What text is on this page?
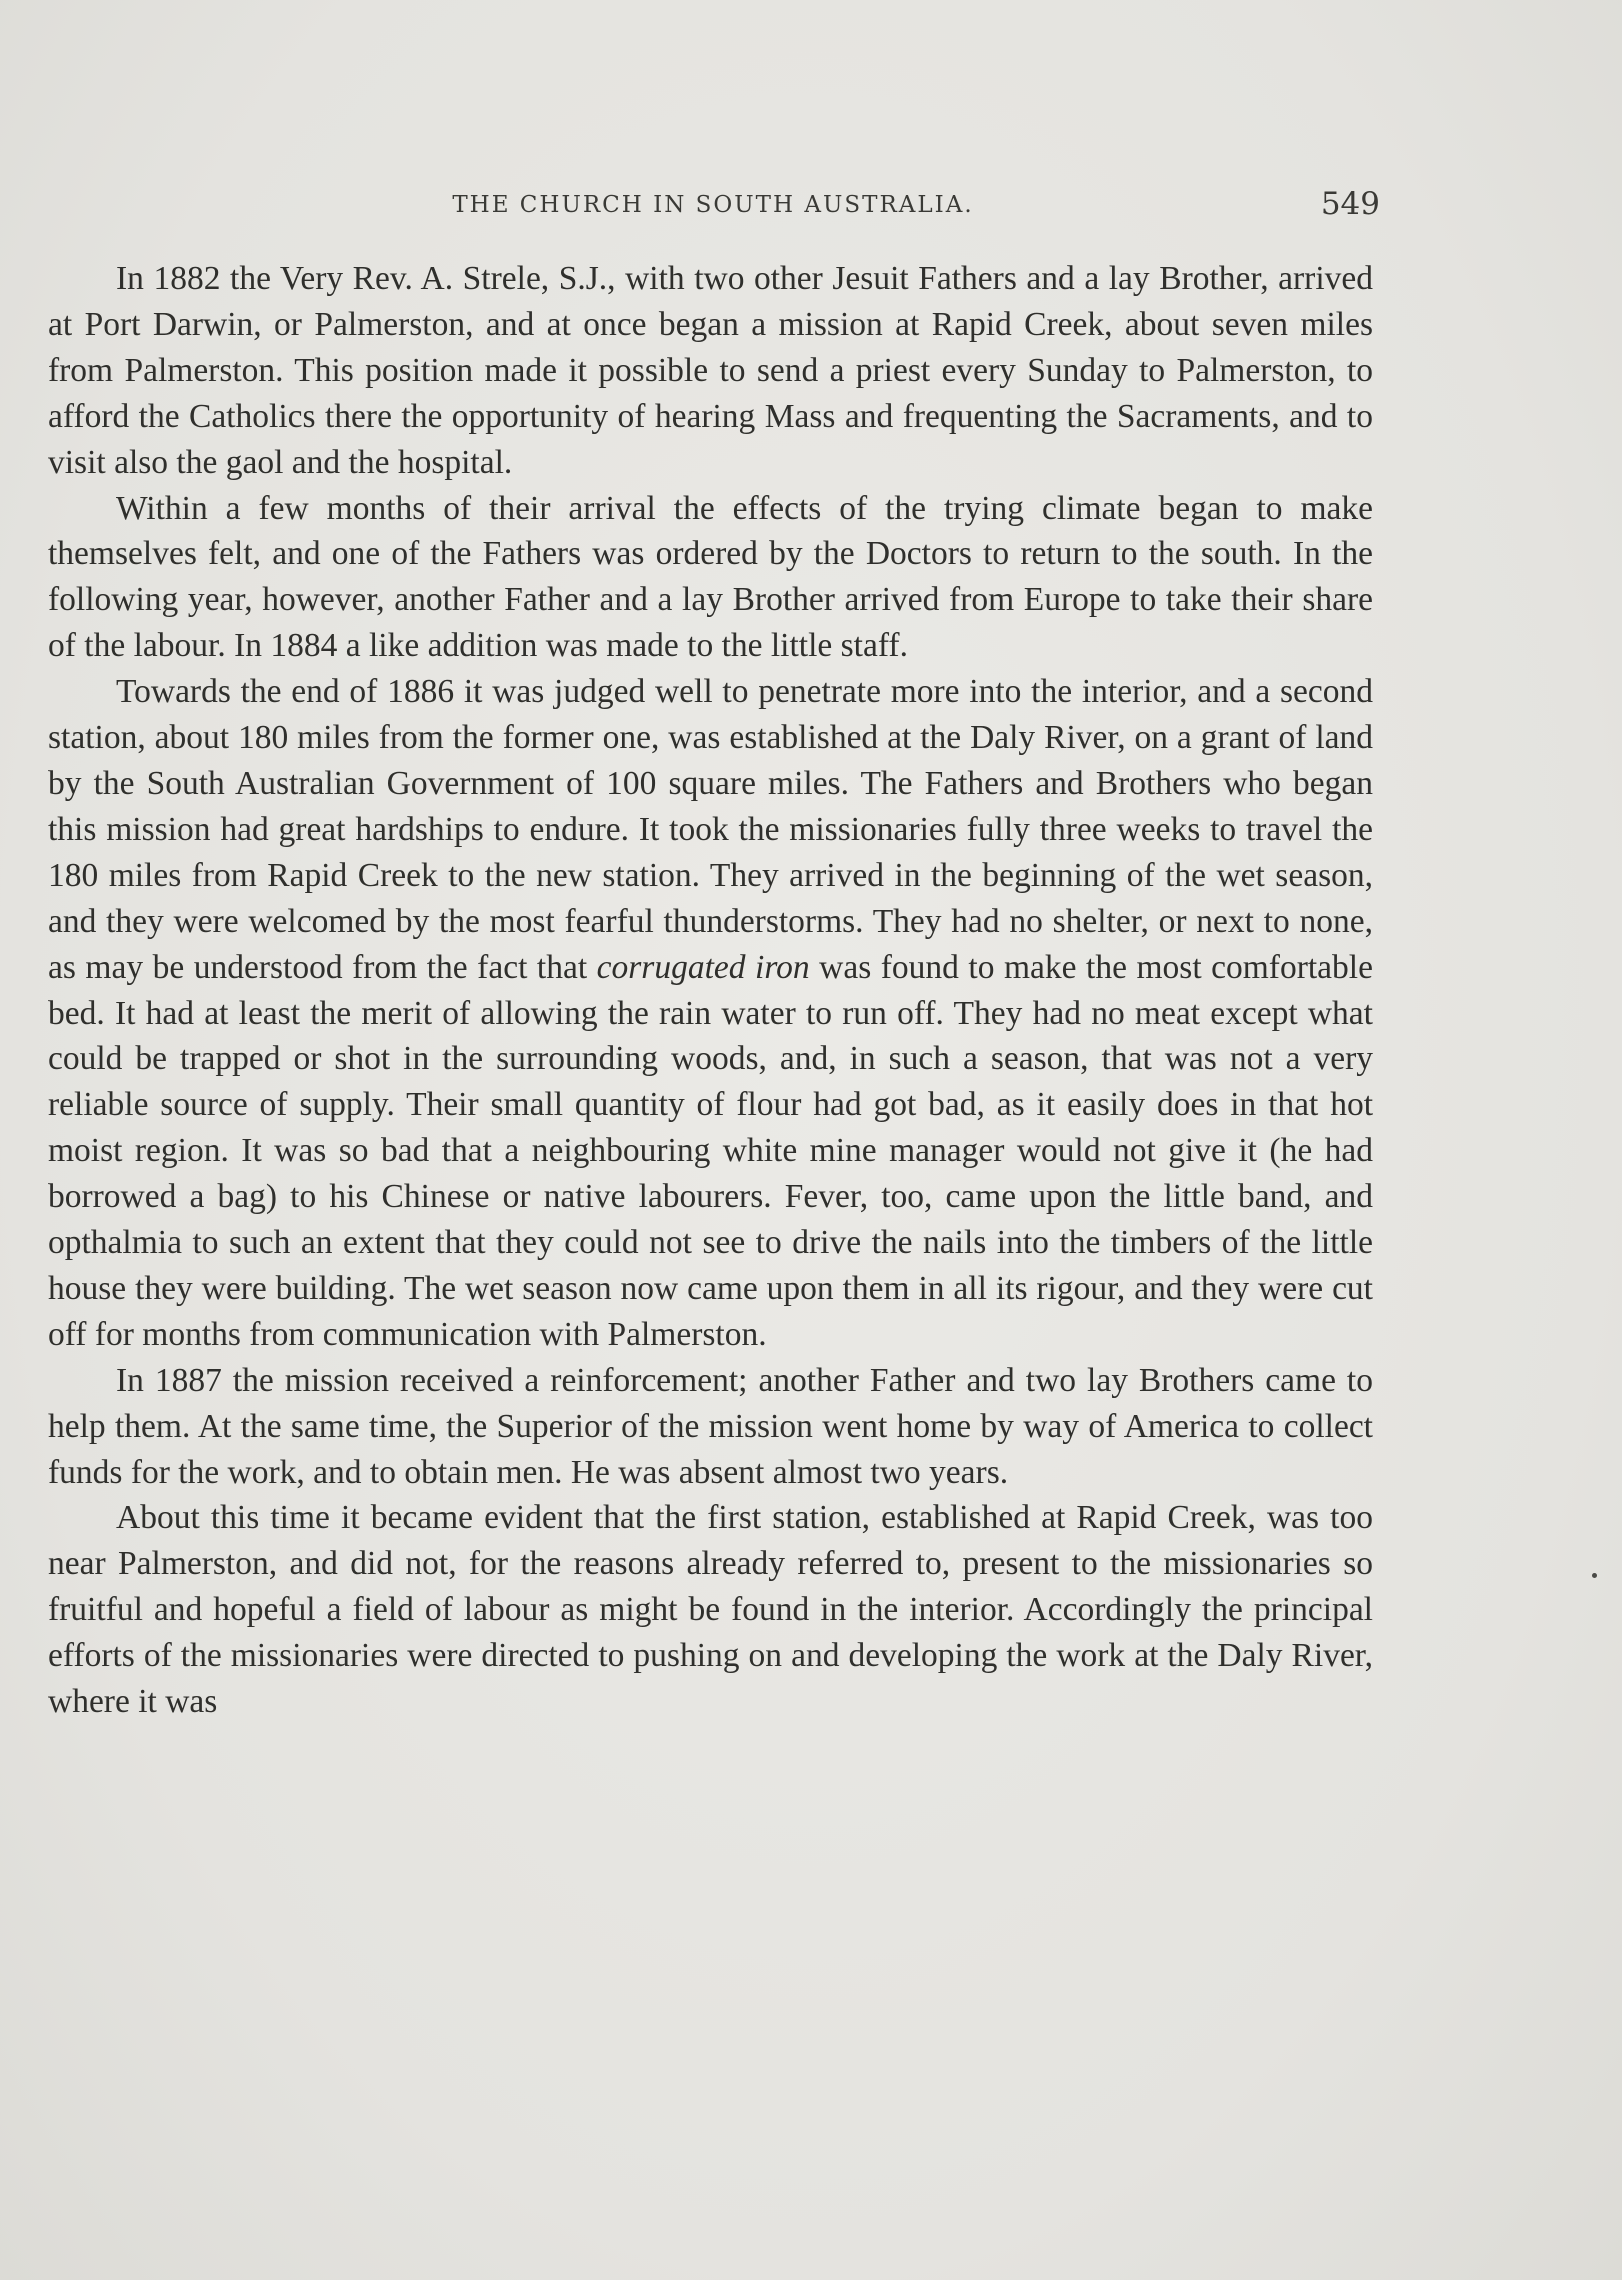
THE CHURCH IN SOUTH AUSTRALIA.	549

In 1882 the Very Rev. A. Strele, S.J., with two other Jesuit Fathers and a lay Brother, arrived at Port Darwin, or Palmerston, and at once began a mission at Rapid Creek, about seven miles from Palmerston. This position made it possible to send a priest every Sunday to Palmerston, to afford the Catholics there the opportunity of hearing Mass and frequenting the Sacraments, and to visit also the gaol and the hospital.

Within a few months of their arrival the effects of the trying climate began to make themselves felt, and one of the Fathers was ordered by the Doctors to return to the south. In the following year, however, another Father and a lay Brother arrived from Europe to take their share of the labour. In 1884 a like addition was made to the little staff.

Towards the end of 1886 it was judged well to penetrate more into the interior, and a second station, about 180 miles from the former one, was established at the Daly River, on a grant of land by the South Australian Government of 100 square miles. The Fathers and Brothers who began this mission had great hardships to endure. It took the missionaries fully three weeks to travel the 180 miles from Rapid Creek to the new station. They arrived in the beginning of the wet season, and they were welcomed by the most fearful thunderstorms. They had no shelter, or next to none, as may be understood from the fact that corrugated iron was found to make the most comfortable bed. It had at least the merit of allowing the rain water to run off. They had no meat except what could be trapped or shot in the surrounding woods, and, in such a season, that was not a very reliable source of supply. Their small quantity of flour had got bad, as it easily does in that hot moist region. It was so bad that a neighbouring white mine manager would not give it (he had borrowed a bag) to his Chinese or native labourers. Fever, too, came upon the little band, and opthalmia to such an extent that they could not see to drive the nails into the timbers of the little house they were building. The wet season now came upon them in all its rigour, and they were cut off for months from communication with Palmerston.

In 1887 the mission received a reinforcement; another Father and two lay Brothers came to help them. At the same time, the Superior of the mission went home by way of America to collect funds for the work, and to obtain men. He was absent almost two years.

About this time it became evident that the first station, established at Rapid Creek, was too near Palmerston, and did not, for the reasons already referred to, present to the missionaries so fruitful and hopeful a field of labour as might be found in the interior. Accordingly the principal efforts of the missionaries were directed to pushing on and developing the work at the Daly River, where it was
